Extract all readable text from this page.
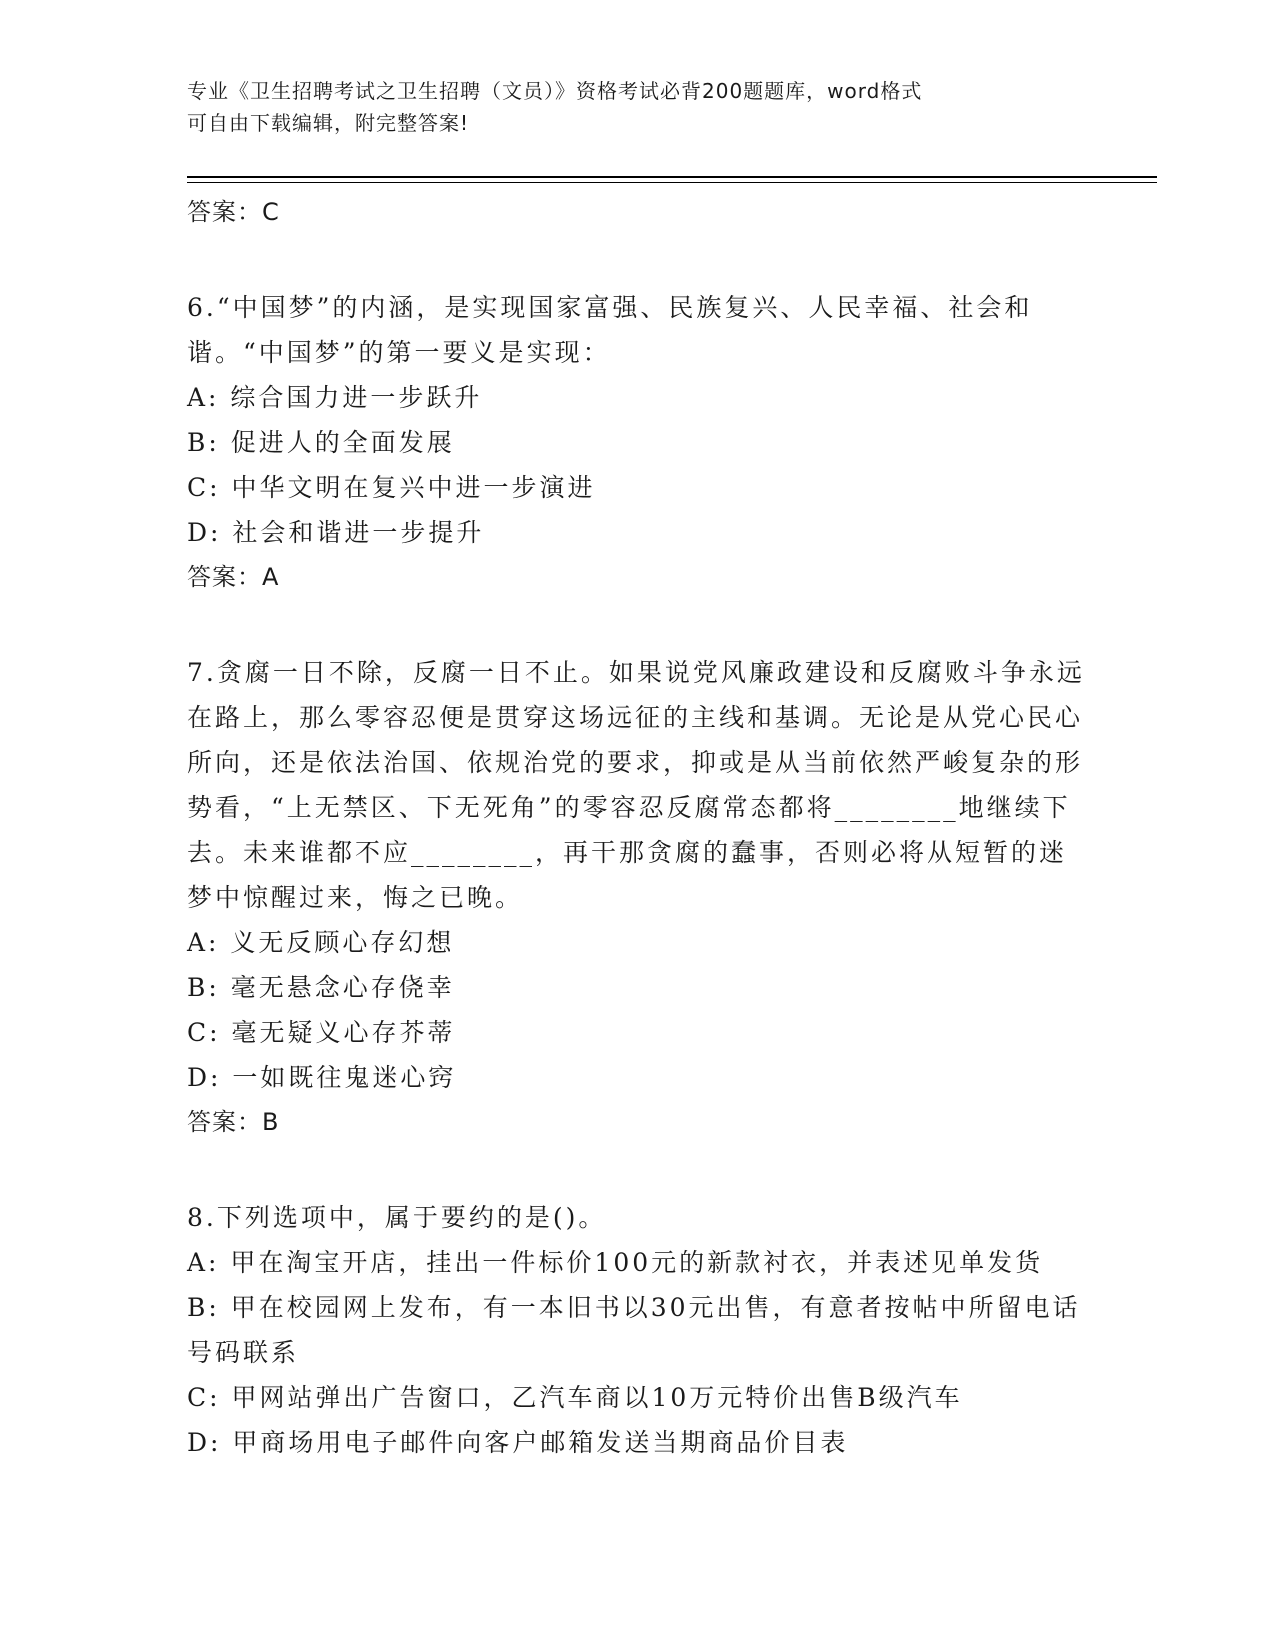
专业《卫生招聘考试之卫生招聘（文员）》资格考试必背200题题库，word格式
可自由下载编辑，附完整答案!
答案：C

6.“中国梦”的内涵，是实现国家富强、民族复兴、人民幸福、社会和谐。“中国梦”的第一要义是实现：

A: 综合国力进一步跃升

B: 促进人的全面发展

C: 中华文明在复兴中进一步演进

D: 社会和谐进一步提升

答案：A

7.贪腐一日不除，反腐一日不止。如果说党风廉政建设和反腐败斗争永远在路上，那么零容忍便是贯穿这场远征的主线和基调。无论是从党心民心所向，还是依法治国、依规治党的要求，抑或是从当前依然严峻复杂的形势看，“上无禁区、下无死角”的零容忍反腐常态都将________地继续下去。未来谁都不应________，再干那贪腐的蠢事，否则必将从短暂的迷梦中惊醒过来，悔之已晚。

A: 义无反顾心存幻想

B: 毫无悬念心存侥幸

C: 毫无疑义心存芥蒂

D: 一如既往鬼迷心窍

答案：B

8.下列选项中，属于要约的是()。

A: 甲在淘宝开店，挂出一件标价100元的新款衬衣，并表述见单发货

B: 甲在校园网上发布，有一本旧书以30元出售，有意者按帖中所留电话号码联系

C: 甲网站弹出广告窗口，乙汽车商以10万元特价出售B级汽车

D: 甲商场用电子邮件向客户邮箱发送当期商品价目表
